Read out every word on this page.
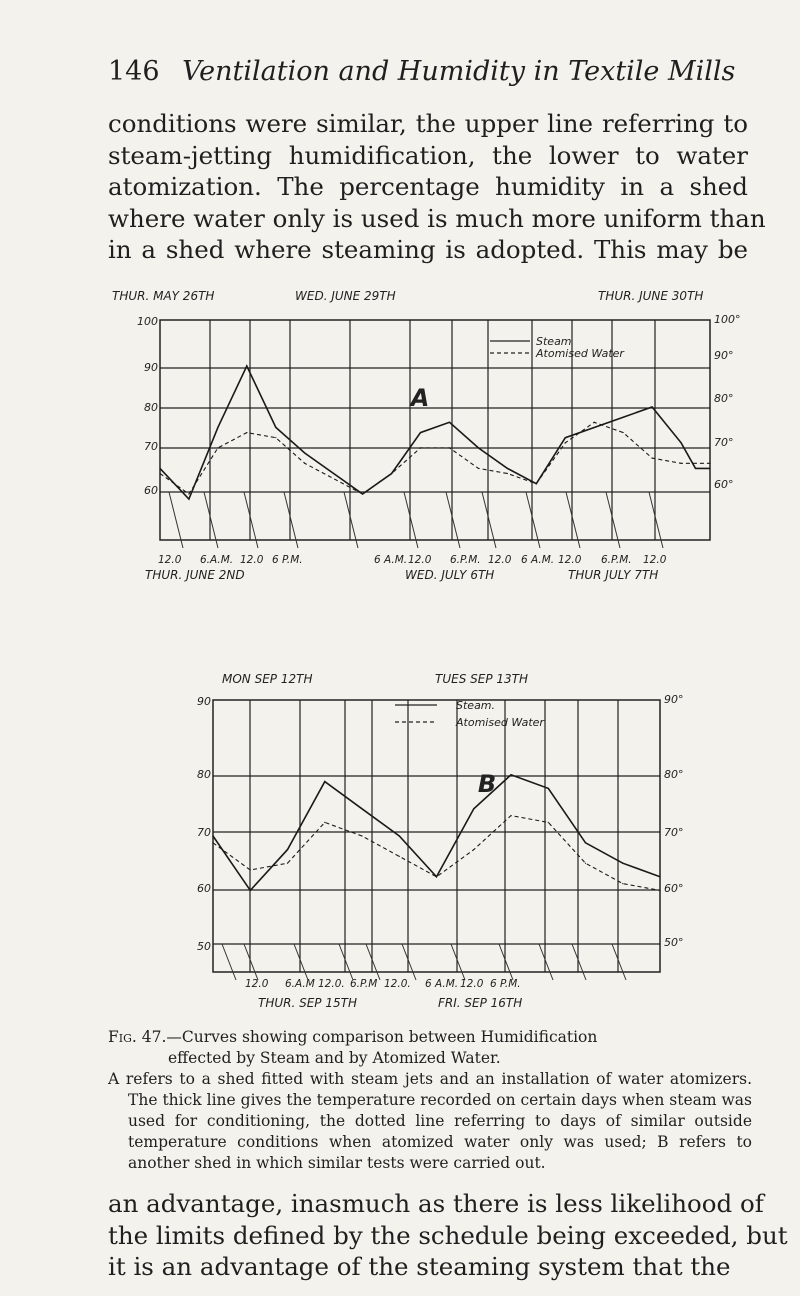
146 Ventilation and Humidity in Textile Mills
conditions were similar, the upper line referring to
steam-jetting humidification, the lower to water
atomization. The percentage humidity in a shed
where water only is used is much more uniform than
in a shed where steaming is adopted. This may be
THUR. MAY 26TH	WED. JUNE 29TH	THUR. JUNE 30TH
100
90
80
70
60
100°
90°
80°
70°
60°
12.0 6.A.M. 12.0 6 P.M.	6 A.M. 12.0 6.P.M. 12.0 6 A.M. 12.0 6.P.M. 12.0
THUR. JUNE 2ND	WED. JULY 6TH	THUR JULY 7TH
A
Steam
Atomised Water
MON SEP 12TH	TUES SEP 13TH
90
80
70
60
50
90°
80°
70°
60°
50°
12.0 6.A.M 12.0. 6.P.M 12.0. 6 A.M. 12.0 6 P.M.
THUR. SEP 15TH	FRI. SEP 16TH
B
Steam.
Atomised Water
Fig. 47.—Curves showing comparison between Humidification
effected by Steam and by Atomized Water.
A refers to a shed fitted with steam jets and an installation of water atomizers. The thick line gives the temperature recorded on certain days when steam was used for conditioning, the dotted line referring to days of similar outside temperature conditions when atomized water only was used; B refers to another shed in which similar tests were carried out.
an advantage, inasmuch as there is less likelihood of
the limits defined by the schedule being exceeded, but
it is an advantage of the steaming system that the
